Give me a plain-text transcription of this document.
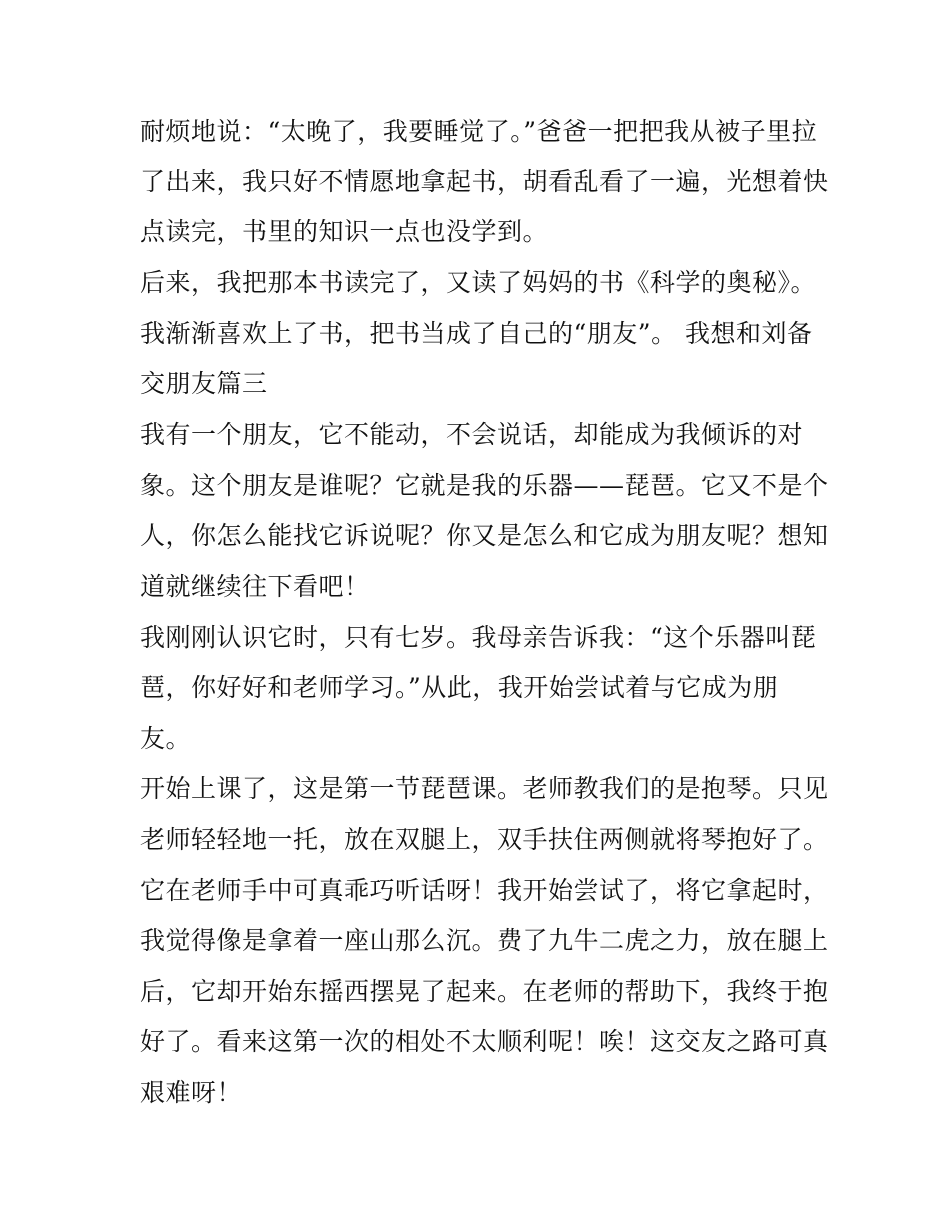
耐烦地说：“太晚了，我要睡觉了。”爸爸一把把我从被子里拉
了出来，我只好不情愿地拿起书，胡看乱看了一遍，光想着快
点读完，书里的知识一点也没学到。
后来，我把那本书读完了，又读了妈妈的书《科学的奥秘》。
我渐渐喜欢上了书，把书当成了自己的“朋友”。 我想和刘备
交朋友篇三
我有一个朋友，它不能动，不会说话，却能成为我倾诉的对
象。这个朋友是谁呢？它就是我的乐器——琵琶。它又不是个
人，你怎么能找它诉说呢？你又是怎么和它成为朋友呢？想知
道就继续往下看吧！
我刚刚认识它时，只有七岁。我母亲告诉我：“这个乐器叫琵
琶，你好好和老师学习。”从此，我开始尝试着与它成为朋
友。
开始上课了，这是第一节琵琶课。老师教我们的是抱琴。只见
老师轻轻地一托，放在双腿上，双手扶住两侧就将琴抱好了。
它在老师手中可真乖巧听话呀！我开始尝试了，将它拿起时，
我觉得像是拿着一座山那么沉。费了九牛二虎之力，放在腿上
后，它却开始东摇西摆晃了起来。在老师的帮助下，我终于抱
好了。看来这第一次的相处不太顺利呢！唉！这交友之路可真
艰难呀！
